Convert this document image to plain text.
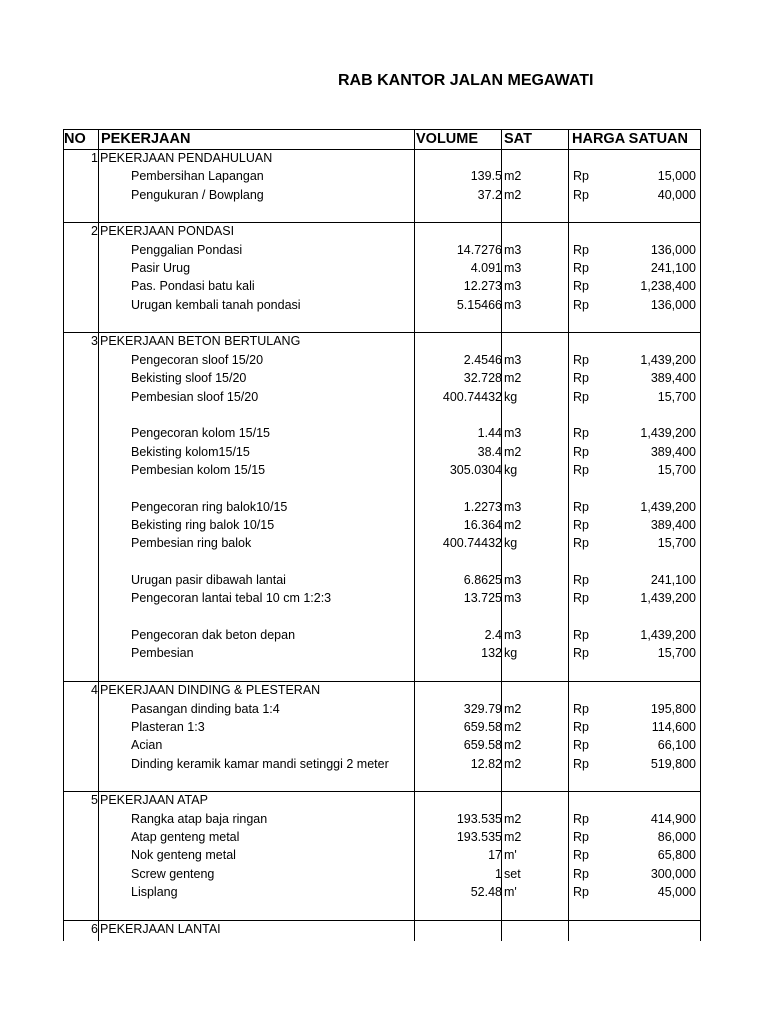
RAB KANTOR JALAN MEGAWATI
NO PEKERJAAN	VOLUME SAT	HARGA SATUAN
1 PEKERJAAN PENDAHULUAN
Pembersihan Lapangan	139.5 m2	Rp	15,000
Pengukuran / Bowplang	37.2 m2	Rp	40,000
2 PEKERJAAN PONDASI
Penggalian Pondasi	14.7276 m3	Rp	136,000
Pasir Urug	4.091 m3	Rp	241,100
Pas. Pondasi batu kali	12.273 m3	Rp	1,238,400
Urugan kembali tanah pondasi	5.15466 m3	Rp	136,000
3 PEKERJAAN BETON BERTULANG
Pengecoran sloof 15/20	2.4546 m3	Rp	1,439,200
Bekisting sloof 15/20	32.728 m2	Rp	389,400
Pembesian sloof 15/20	400.74432 kg	Rp	15,700
Pengecoran kolom 15/15	1.44 m3	Rp	1,439,200
Bekisting kolom15/15	38.4 m2	Rp	389,400
Pembesian kolom 15/15	305.0304 kg	Rp	15,700
Pengecoran ring balok10/15	1.2273 m3	Rp	1,439,200
Bekisting ring balok 10/15	16.364 m2	Rp	389,400
Pembesian ring balok	400.74432 kg	Rp	15,700
Urugan pasir dibawah lantai	6.8625 m3	Rp	241,100
Pengecoran lantai tebal 10 cm 1:2:3	13.725 m3	Rp	1,439,200
Pengecoran dak beton depan	2.4 m3	Rp	1,439,200
Pembesian	132 kg	Rp	15,700
4 PEKERJAAN DINDING & PLESTERAN
Pasangan dinding bata 1:4	329.79 m2	Rp	195,800
Plasteran 1:3	659.58 m2	Rp	114,600
Acian	659.58 m2	Rp	66,100
Dinding keramik kamar mandi setinggi 2 meter	12.82 m2	Rp	519,800
5 PEKERJAAN ATAP
Rangka atap baja ringan	193.535 m2	Rp	414,900
Atap genteng metal	193.535 m2	Rp	86,000
Nok genteng metal	17 m'	Rp	65,800
Screw genteng	1 set	Rp	300,000
Lisplang	52.48 m'	Rp	45,000
6 PEKERJAAN LANTAI
